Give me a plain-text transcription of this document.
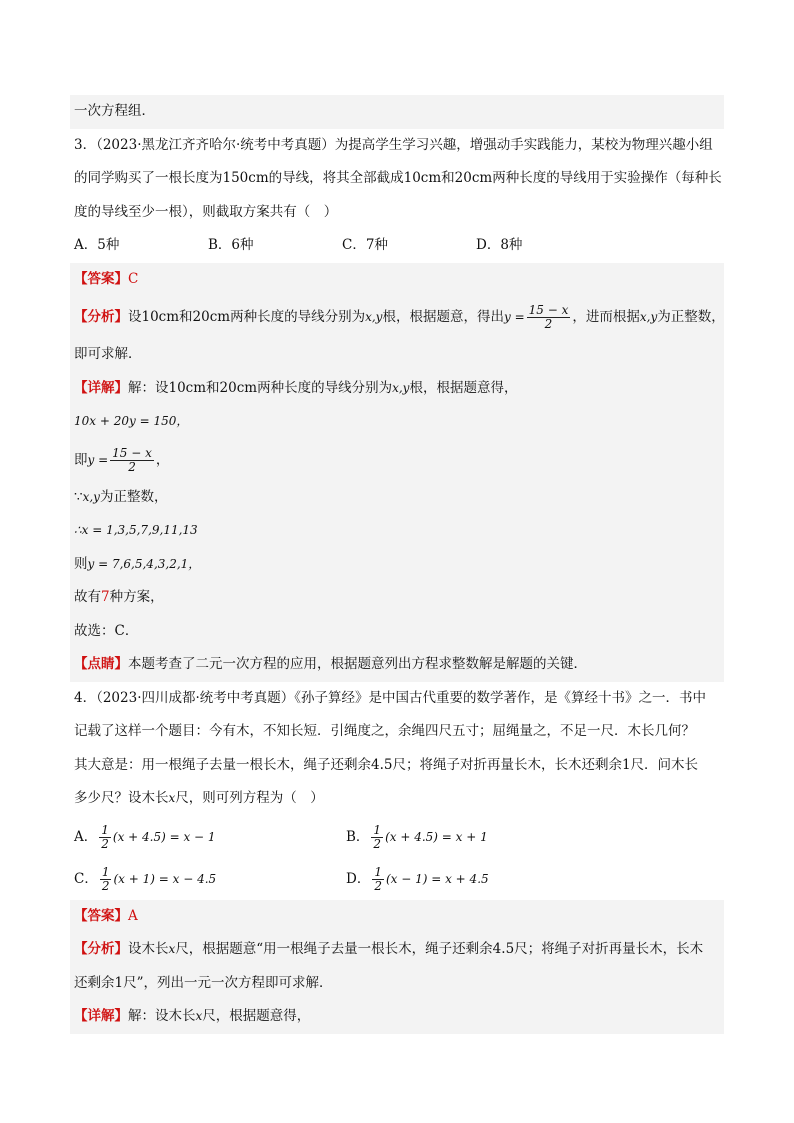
一次方程组．
3．（2023·黑龙江齐齐哈尔·统考中考真题）为提高学生学习兴趣，增强动手实践能力，某校为物理兴趣小组
的同学购买了一根长度为150cm的导线，将其全部截成10cm和20cm两种长度的导线用于实验操作（每种长
度的导线至少一根），则截取方案共有（　）
A．5种	B．6种	C．7种	D．8种
【答案】C
【分析】设10cm和20cm两种长度的导线分别为x,y根，根据题意，得出$y = \frac{15 - x}{2}$ ，进而根据x,y为正整数，
即可求解．
【详解】解：设10cm和20cm两种长度的导线分别为x,y根，根据题意得，
10x + 20y = 150，
即$y = \frac{15 - x}{2}$ ，
∵x,y为正整数，
∴x = 1,3,5,7,9,11,13
则y = 7,6,5,4,3,2,1，
故有7种方案，
故选：C．
【点睛】本题考查了二元一次方程的应用，根据题意列出方程求整数解是解题的关键．
4．（2023·四川成都·统考中考真题）《孙子算经》是中国古代重要的数学著作，是《算经十书》之一．书中
记载了这样一个题目：今有木，不知长短．引绳度之，余绳四尺五寸；屈绳量之，不足一尺．木长几何？
其大意是：用一根绳子去量一根长木，绳子还剩余4.5尺；将绳子对折再量长木，长木还剩余1尺．问木长
多少尺？设木长x尺，则可列方程为（　）
A． $\frac{1}{2} (x + 4.5) = x - 1$	B． $\frac{1}{2} (x + 4.5) = x + 1$
C． $\frac{1}{2} (x + 1) = x - 4.5$	D． $\frac{1}{2} (x - 1) = x + 4.5$
【答案】A
【分析】设木长x尺，根据题意“用一根绳子去量一根长木，绳子还剩余4.5尺；将绳子对折再量长木，长木
还剩余1尺”，列出一元一次方程即可求解．
【详解】解：设木长x尺，根据题意得，
